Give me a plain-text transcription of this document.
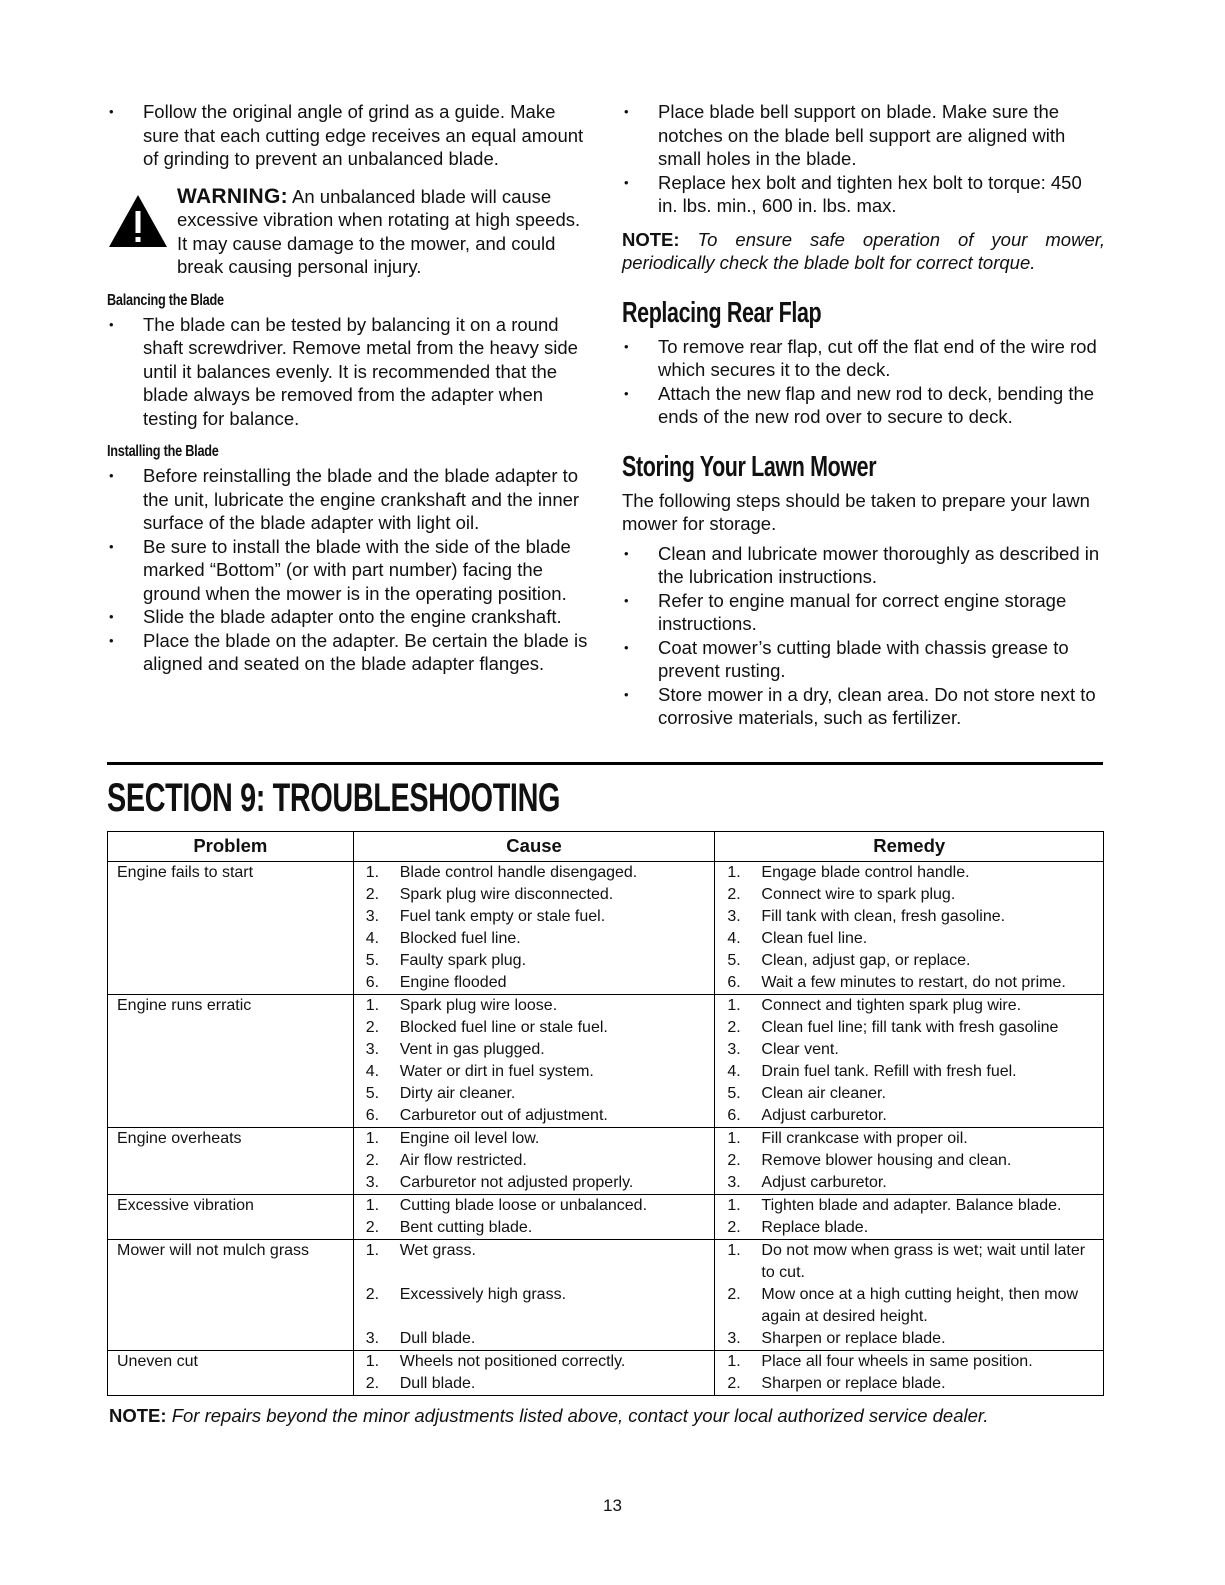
• Follow the original angle of grind as a guide. Make sure that each cutting edge receives an equal amount of grinding to prevent an unbalanced blade.
WARNING: An unbalanced blade will cause excessive vibration when rotating at high speeds. It may cause damage to the mower, and could break causing personal injury.
Balancing the Blade
• The blade can be tested by balancing it on a round shaft screwdriver. Remove metal from the heavy side until it balances evenly. It is recommended that the blade always be removed from the adapter when testing for balance.
Installing the Blade
• Before reinstalling the blade and the blade adapter to the unit, lubricate the engine crankshaft and the inner surface of the blade adapter with light oil.
• Be sure to install the blade with the side of the blade marked “Bottom” (or with part number) facing the ground when the mower is in the operating position.
• Slide the blade adapter onto the engine crankshaft.
• Place the blade on the adapter. Be certain the blade is aligned and seated on the blade adapter flanges.
• Place blade bell support on blade. Make sure the notches on the blade bell support are aligned with small holes in the blade.
• Replace hex bolt and tighten hex bolt to torque: 450 in. lbs. min., 600 in. lbs. max.

NOTE: To ensure safe operation of your mower, periodically check the blade bolt for correct torque.

Replacing Rear Flap
• To remove rear flap, cut off the flat end of the wire rod which secures it to the deck.
• Attach the new flap and new rod to deck, bending the ends of the new rod over to secure to deck.
Storing Your Lawn Mower

The following steps should be taken to prepare your lawn mower for storage.

• Clean and lubricate mower thoroughly as described in the lubrication instructions.
• Refer to engine manual for correct engine storage instructions.
• Coat mower’s cutting blade with chassis grease to prevent rusting.
• Store mower in a dry, clean area. Do not store next to corrosive materials, such as fertilizer.
SECTION 9: TROUBLESHOOTING
Problem	Cause	Remedy
Engine fails to start	1. Blade control handle disengaged.	1. Engage blade control handle.

	2. Spark plug wire disconnected.	2. Connect wire to spark plug.

	3. Fuel tank empty or stale fuel.	3. Fill tank with clean, fresh gasoline.

	4. Blocked fuel line.	4. Clean fuel line.

	5. Faulty spark plug.	5. Clean, adjust gap, or replace.

	6. Engine flooded	6. Wait a few minutes to restart, do not prime.

Engine runs erratic	1. Spark plug wire loose.	1. Connect and tighten spark plug wire.

	2. Blocked fuel line or stale fuel.	2. Clean fuel line; fill tank with fresh gasoline

	3. Vent in gas plugged.	3. Clear vent.

	4. Water or dirt in fuel system.	4. Drain fuel tank. Refill with fresh fuel.

	5. Dirty air cleaner.	5. Clean air cleaner.

	6. Carburetor out of adjustment.	6. Adjust carburetor.

Engine overheats	1. Engine oil level low.	1. Fill crankcase with proper oil.

	2. Air flow restricted.	2. Remove blower housing and clean.

	3. Carburetor not adjusted properly.	3. Adjust carburetor.

Excessive vibration	1. Cutting blade loose or unbalanced.	1. Tighten blade and adapter. Balance blade.

	2. Bent cutting blade.	2. Replace blade.

Mower will not mulch grass	1. Wet grass.	1. Do not mow when grass is wet; wait until later to cut.

	2. Excessively high grass.	2. Mow once at a high cutting height, then mow again at desired height.

	3. Dull blade.	3. Sharpen or replace blade.

Uneven cut	1. Wheels not positioned correctly.	1. Place all four wheels in same position.

	2. Dull blade.	2. Sharpen or replace blade.
NOTE: For repairs beyond the minor adjustments listed above, contact your local authorized service dealer.
13
